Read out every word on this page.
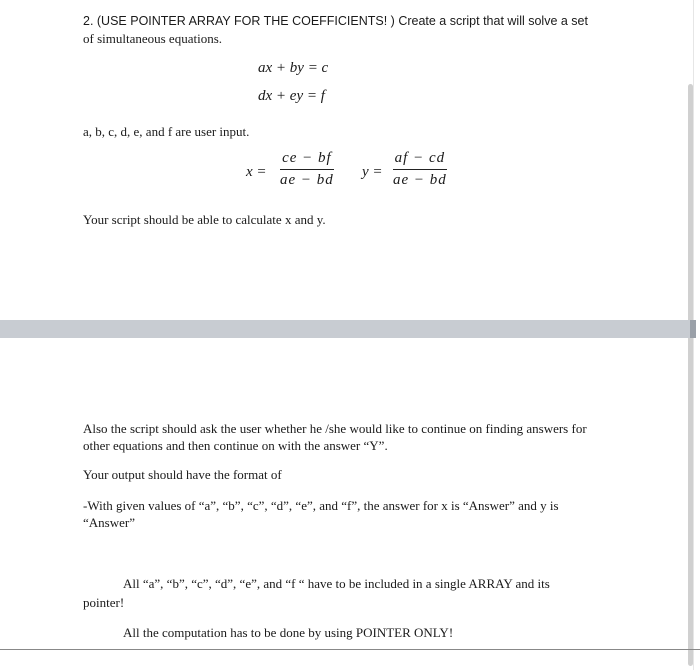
2. (USE POINTER ARRAY FOR THE COEFFICIENTS! ) Create a script that will solve a set
of simultaneous equations.
ax + by = c
dx + ey = f
a, b, c, d, e, and f are user input.
x =
ce − bf
ae − bd y =
af − cd
ae − bd
Your script should be able to calculate x and y.
Also the script should ask the user whether he /she would like to continue on finding answers for
other equations and then continue on with the answer “Y”.
Your output should have the format of
-With given values of “a”, “b”, “c”, “d”, “e”, and “f”, the answer for x is “Answer” and y is
“Answer”
All “a”, “b”, “c”, “d”, “e”, and “f “ have to be included in a single ARRAY and its
pointer!
All the computation has to be done by using POINTER ONLY!
